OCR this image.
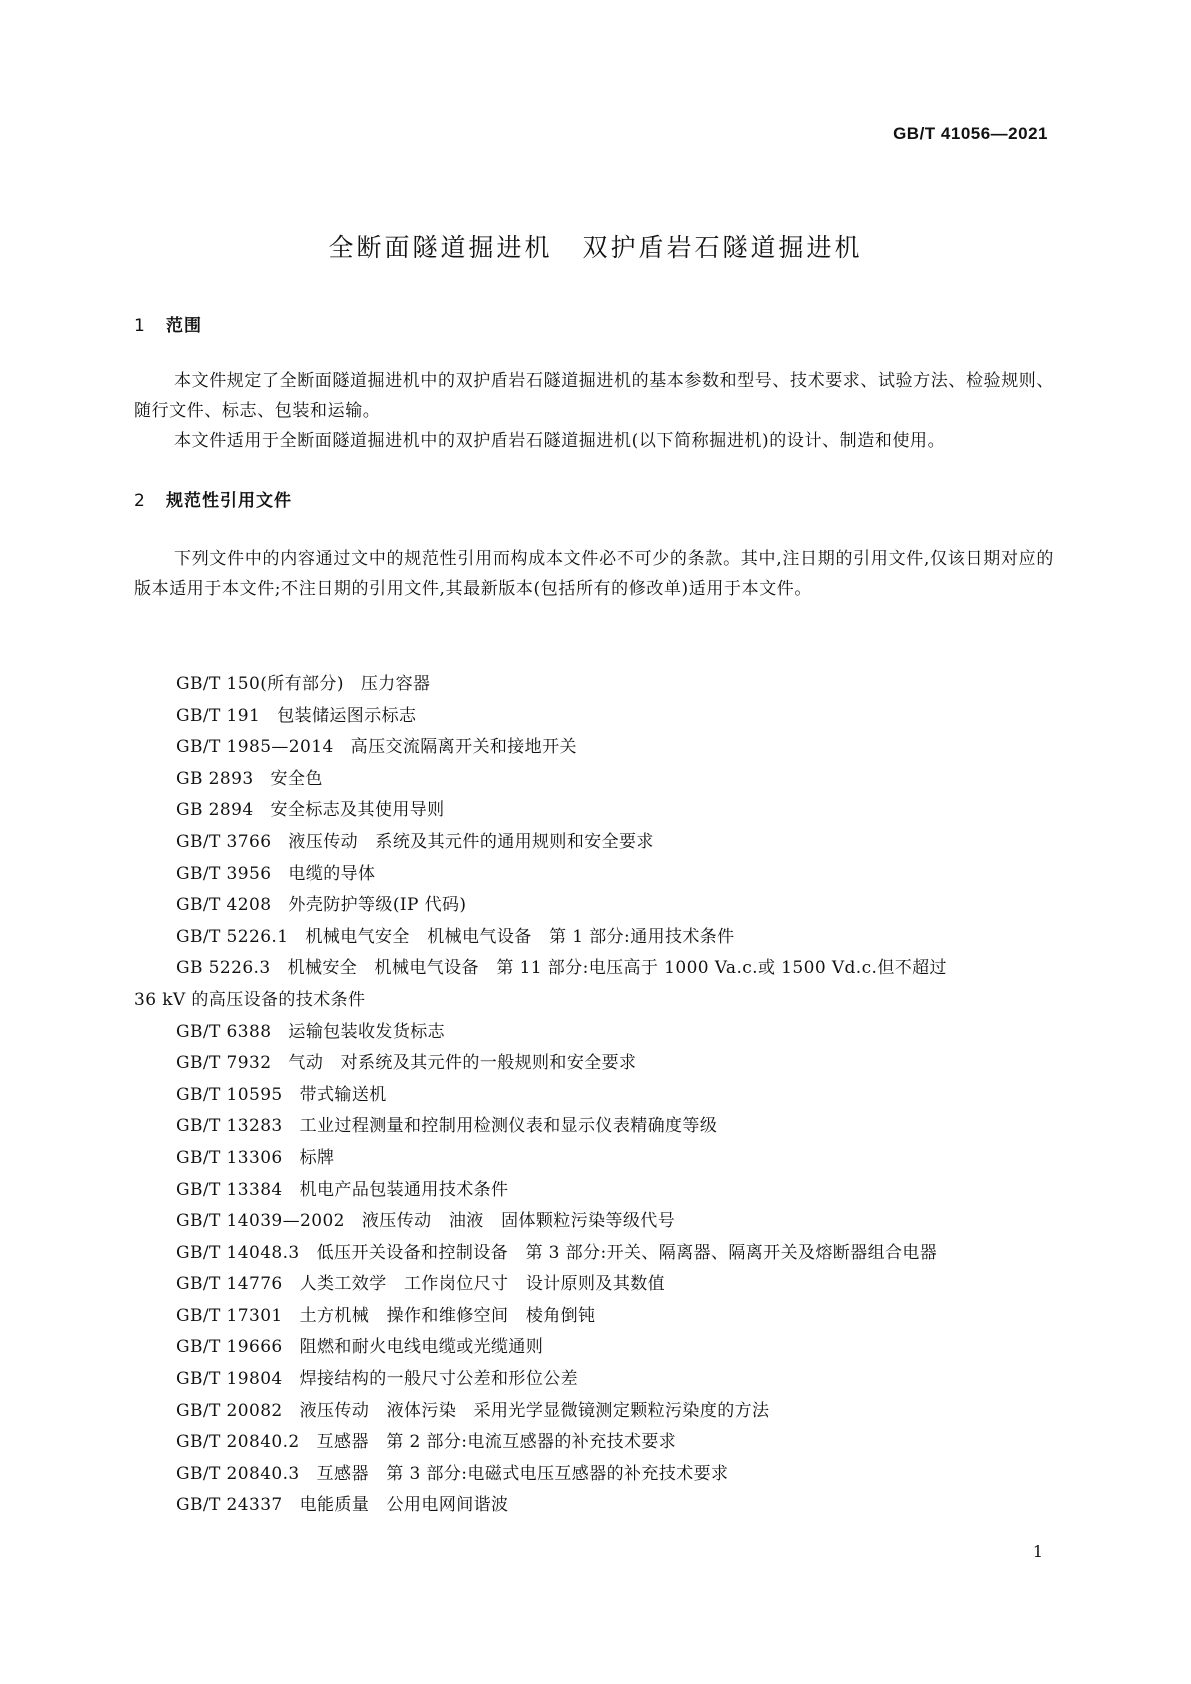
GB/T 41056—2021
全断面隧道掘进机 双护盾岩石隧道掘进机
1 范围

本文件规定了全断面隧道掘进机中的双护盾岩石隧道掘进机的基本参数和型号、技术要求、试验方法、检验规则、随行文件、标志、包装和运输。

本文件适用于全断面隧道掘进机中的双护盾岩石隧道掘进机(以下简称掘进机)的设计、制造和使用。

2 规范性引用文件

下列文件中的内容通过文中的规范性引用而构成本文件必不可少的条款。其中,注日期的引用文件,仅该日期对应的版本适用于本文件;不注日期的引用文件,其最新版本(包括所有的修改单)适用于本文件。

GB/T 150(所有部分) 压力容器
GB/T 191 包装储运图示标志
GB/T 1985—2014 高压交流隔离开关和接地开关
GB 2893 安全色
GB 2894 安全标志及其使用导则
GB/T 3766 液压传动　系统及其元件的通用规则和安全要求
GB/T 3956 电缆的导体
GB/T 4208 外壳防护等级(IP 代码)
GB/T 5226.1 机械电气安全　机械电气设备　第 1 部分:通用技术条件
GB 5226.3 机械安全　机械电气设备　第 11 部分:电压高于 1000 Va.c.或 1500 Vd.c.但不超过
36 kV 的高压设备的技术条件
GB/T 6388 运输包装收发货标志
GB/T 7932 气动　对系统及其元件的一般规则和安全要求
GB/T 10595 带式输送机
GB/T 13283 工业过程测量和控制用检测仪表和显示仪表精确度等级
GB/T 13306 标牌
GB/T 13384 机电产品包装通用技术条件
GB/T 14039—2002 液压传动　油液　固体颗粒污染等级代号
GB/T 14048.3 低压开关设备和控制设备　第 3 部分:开关、隔离器、隔离开关及熔断器组合电器
GB/T 14776 人类工效学　工作岗位尺寸　设计原则及其数值
GB/T 17301 土方机械　操作和维修空间　棱角倒钝
GB/T 19666 阻燃和耐火电线电缆或光缆通则
GB/T 19804 焊接结构的一般尺寸公差和形位公差
GB/T 20082 液压传动　液体污染　采用光学显微镜测定颗粒污染度的方法
GB/T 20840.2 互感器　第 2 部分:电流互感器的补充技术要求
GB/T 20840.3 互感器　第 3 部分:电磁式电压互感器的补充技术要求
GB/T 24337 电能质量　公用电网间谐波
1
